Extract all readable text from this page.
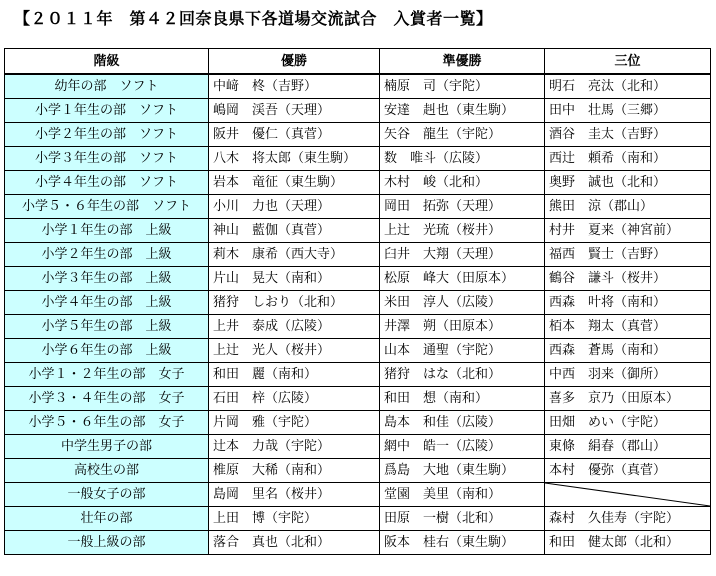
【２０１１年　第４２回奈良県下各道場交流試合　入賞者一覧】
階級	優勝	準優勝	三位
幼年の部　ソフト	中﨑　柊（吉野）	楠原　司（宇陀）	明石　亮汰（北和）
小学１年生の部　ソフト	嶋岡　渓吾（天理）	安達　赳也（東生駒）	田中　壮馬（三郷）
小学２年生の部　ソフト	阪井　優仁（真菅）	矢谷　龍生（宇陀）	酒谷　圭太（吉野）
小学３年生の部　ソフト	八木　将太郎（東生駒）	数　唯斗（広陵）	西辻　頼希（南和）
小学４年生の部　ソフト	岩本　竜征（東生駒）	木村　峻（北和）	奥野　誠也（北和）
小学５・６年生の部　ソフト	小川　力也（天理）	岡田　拓弥（天理）	熊田　涼（郡山）
小学１年生の部　上級	神山　藍伽（真菅）	上辻　光琉（桜井）	村井　夏来（神宮前）
小学２年生の部　上級	莉木　康希（西大寺）	臼井　大翔（天理）	福西　賢士（吉野）
小学３年生の部　上級	片山　晃大（南和）	松原　峰大（田原本）	鶴谷　謙斗（桜井）
小学４年生の部　上級	猪狩　しおり（北和）	米田　淳人（広陵）	西森　叶将（南和）
小学５年生の部　上級	上井　泰成（広陵）	井澤　朔（田原本）	栢本　翔太（真菅）
小学６年生の部　上級	上辻　光人（桜井）	山本　通聖（宇陀）	西森　蒼馬（南和）
小学１・２年生の部　女子	和田　麗（南和）	猪狩　はな（北和）	中西　羽来（御所）
小学３・４年生の部　女子	石田　梓（広陵）	和田　想（南和）	喜多　京乃（田原本）
小学５・６年生の部　女子	片岡　雅（宇陀）	島本　和佳（広陵）	田畑　めい（宇陀）
中学生男子の部	辻本　力哉（宇陀）	網中　皓一（広陵）	東條　絹春（郡山）
高校生の部	椎原　大稀（南和）	爲島　大地（東生駒）	本村　優弥（真菅）
一般女子の部	島岡　里名（桜井）	堂園　美里（南和）	

壮年の部	上田　博（宇陀）	田原　一樹（北和）	森村　久佳寿（宇陀）
一般上級の部	落合　真也（北和）	阪本　桂右（東生駒）	和田　健太郎（北和）
